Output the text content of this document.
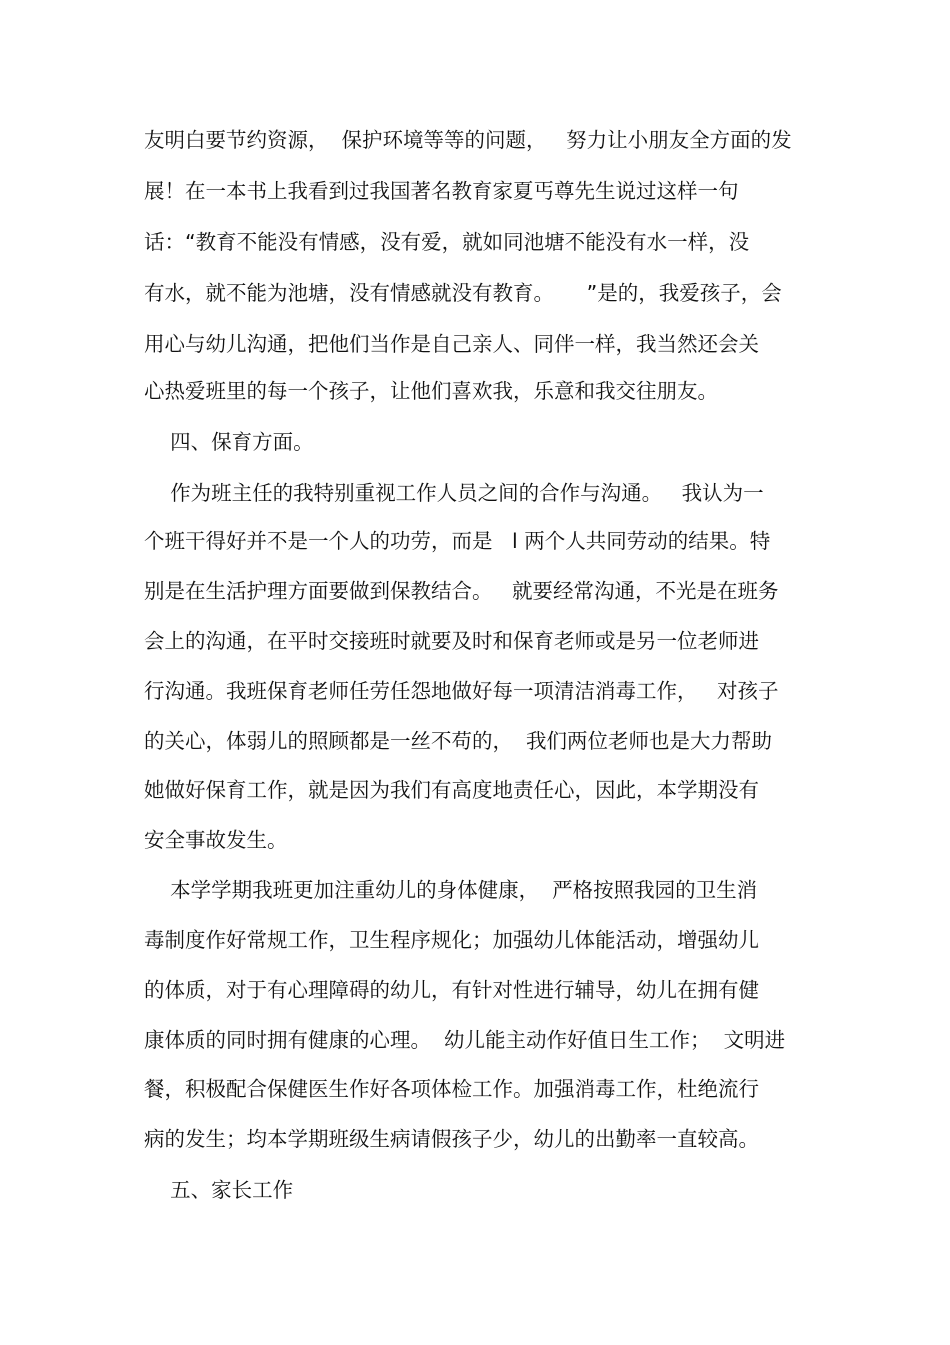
友明白要节约资源，  保护环境等等的问题，   努力让小朋友全方面的发
展！在一本书上我看到过我国著名教育家夏丐尊先生说过这样一句
话：“教育不能没有情感，没有爱，就如同池塘不能没有水一样，没
有水，就不能为池塘，没有情感就没有教育。     ”是的，我爱孩子，会
用心与幼儿沟通，把他们当作是自己亲人、同伴一样，我当然还会关
心热爱班里的每一个孩子，让他们喜欢我，乐意和我交往朋友。
四、保育方面。
作为班主任的我特别重视工作人员之间的合作与沟通。   我认为一
个班干得好并不是一个人的功劳，而是   l 两个人共同劳动的结果。特
别是在生活护理方面要做到保教结合。   就要经常沟通，不光是在班务
会上的沟通，在平时交接班时就要及时和保育老师或是另一位老师进
行沟通。我班保育老师任劳任怨地做好每一项清洁消毒工作，   对孩子
的关心，体弱儿的照顾都是一丝不苟的，  我们两位老师也是大力帮助
她做好保育工作，就是因为我们有高度地责任心，因此，本学期没有
安全事故发生。
本学学期我班更加注重幼儿的身体健康，  严格按照我园的卫生消
毒制度作好常规工作，卫生程序规化；加强幼儿体能活动，增强幼儿
的体质，对于有心理障碍的幼儿，有针对性进行辅导，幼儿在拥有健
康体质的同时拥有健康的心理。  幼儿能主动作好值日生工作；  文明进
餐，积极配合保健医生作好各项体检工作。加强消毒工作，杜绝流行
病的发生；均本学期班级生病请假孩子少，幼儿的出勤率一直较高。
五、家长工作
